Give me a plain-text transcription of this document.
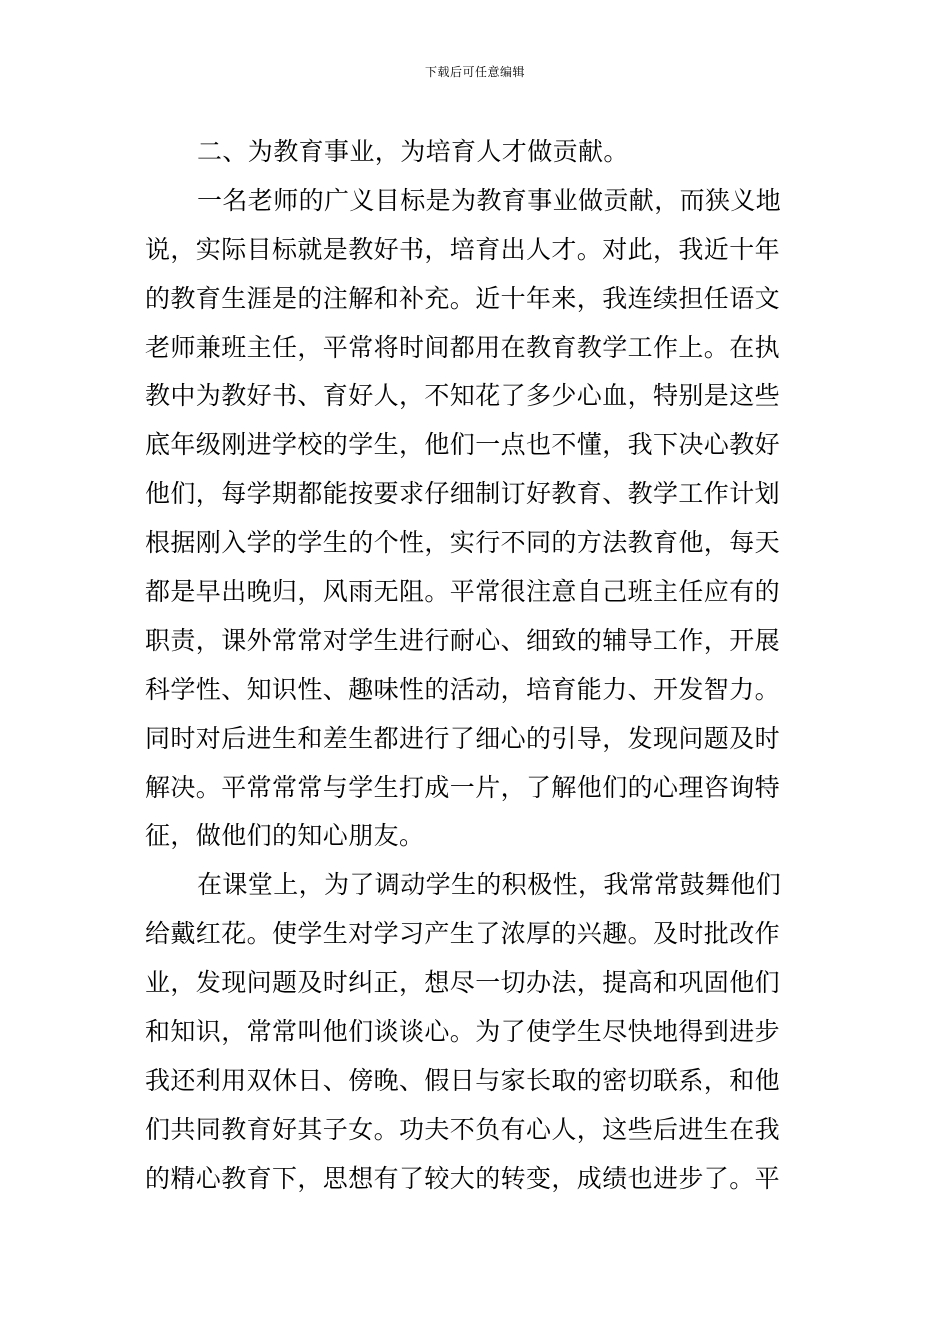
下载后可任意编辑
二、为教育事业，为培育人才做贡献。
一名老师的广义目标是为教育事业做贡献，而狭义地
说，实际目标就是教好书，培育出人才。对此，我近十年
的教育生涯是的注解和补充。近十年来，我连续担任语文
老师兼班主任，平常将时间都用在教育教学工作上。在执
教中为教好书、育好人，不知花了多少心血，特别是这些
底年级刚进学校的学生，他们一点也不懂，我下决心教好
他们，每学期都能按要求仔细制订好教育、教学工作计划
根据刚入学的学生的个性，实行不同的方法教育他，每天
都是早出晚归，风雨无阻。平常很注意自己班主任应有的
职责，课外常常对学生进行耐心、细致的辅导工作，开展
科学性、知识性、趣味性的活动，培育能力、开发智力。
同时对后进生和差生都进行了细心的引导，发现问题及时
解决。平常常常与学生打成一片，了解他们的心理咨询特
征，做他们的知心朋友。
在课堂上，为了调动学生的积极性，我常常鼓舞他们
给戴红花。使学生对学习产生了浓厚的兴趣。及时批改作
业，发现问题及时纠正，想尽一切办法，提高和巩固他们
和知识，常常叫他们谈谈心。为了使学生尽快地得到进步
我还利用双休日、傍晚、假日与家长取的密切联系，和他
们共同教育好其子女。功夫不负有心人，这些后进生在我
的精心教育下，思想有了较大的转变，成绩也进步了。平
